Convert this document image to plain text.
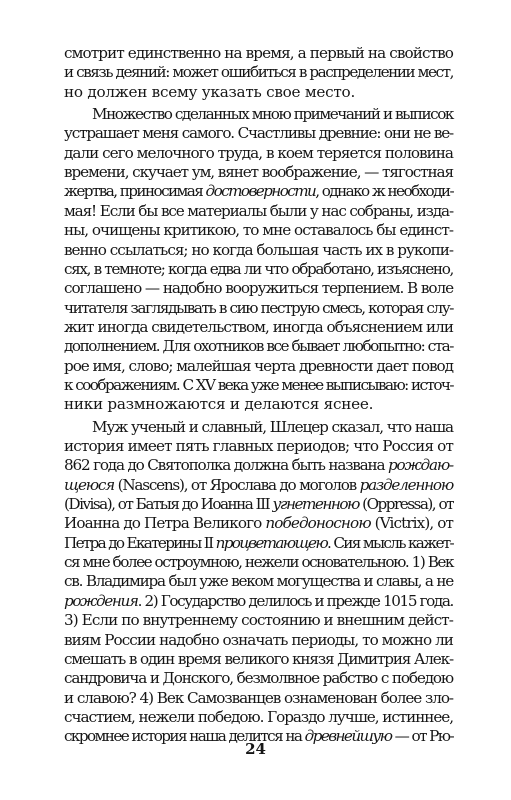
смотрит единственно на время, а первый на свойство
и связь деяний: может ошибиться в распределении мест,
но должен всему указать свое место.
Множество сделанных мною примечаний и выписок
устрашает меня самого. Счастливы древние: они не ве-
дали сего мелочного труда, в коем теряется половина
времени, скучает ум, вянет воображение, — тягостная
жертва, приносимая достоверности, однако ж необходи-
мая! Если бы все материалы были у нас собраны, изда-
ны, очищены критикою, то мне оставалось бы единст-
венно ссылаться; но когда большая часть их в рукопи-
сях, в темноте; когда едва ли что обработано, изъяснено,
соглашено — надобно вооружиться терпением. В воле
читателя заглядывать в сию пеструю смесь, которая слу-
жит иногда свидетельством, иногда объяснением или
дополнением. Для охотников все бывает любопытно: ста-
рое имя, слово; малейшая черта древности дает повод
к соображениям. С XV века уже менее выписываю: источ-
ники размножаются и делаются яснее.
Муж ученый и славный, Шлецер сказал, что наша
история имеет пять главных периодов; что Россия от
862 года до Святополка должна быть названа рождаю-
щеюся (Nascens), от Ярослава до моголов разделенною
(Divisa), от Батыя до Иоанна III угнетенною (Oppressa), от
Иоанна до Петра Великого победоносною (Victrix), от
Петра до Екатерины II процветающею. Сия мысль кажет-
ся мне более остроумною, нежели основательною. 1) Век
св. Владимира был уже веком могущества и славы, а не
рождения. 2) Государство делилось и прежде 1015 года.
3) Если по внутреннему состоянию и внешним дейст-
виям России надобно означать периоды, то можно ли
смешать в один время великого князя Димитрия Алек-
сандровича и Донского, безмолвное рабство с победою
и славою? 4) Век Самозванцев ознаменован более зло-
счастием, нежели победою. Гораздо лучше, истиннее,
скромнее история наша делится на древнейшую — от Рю-
24
